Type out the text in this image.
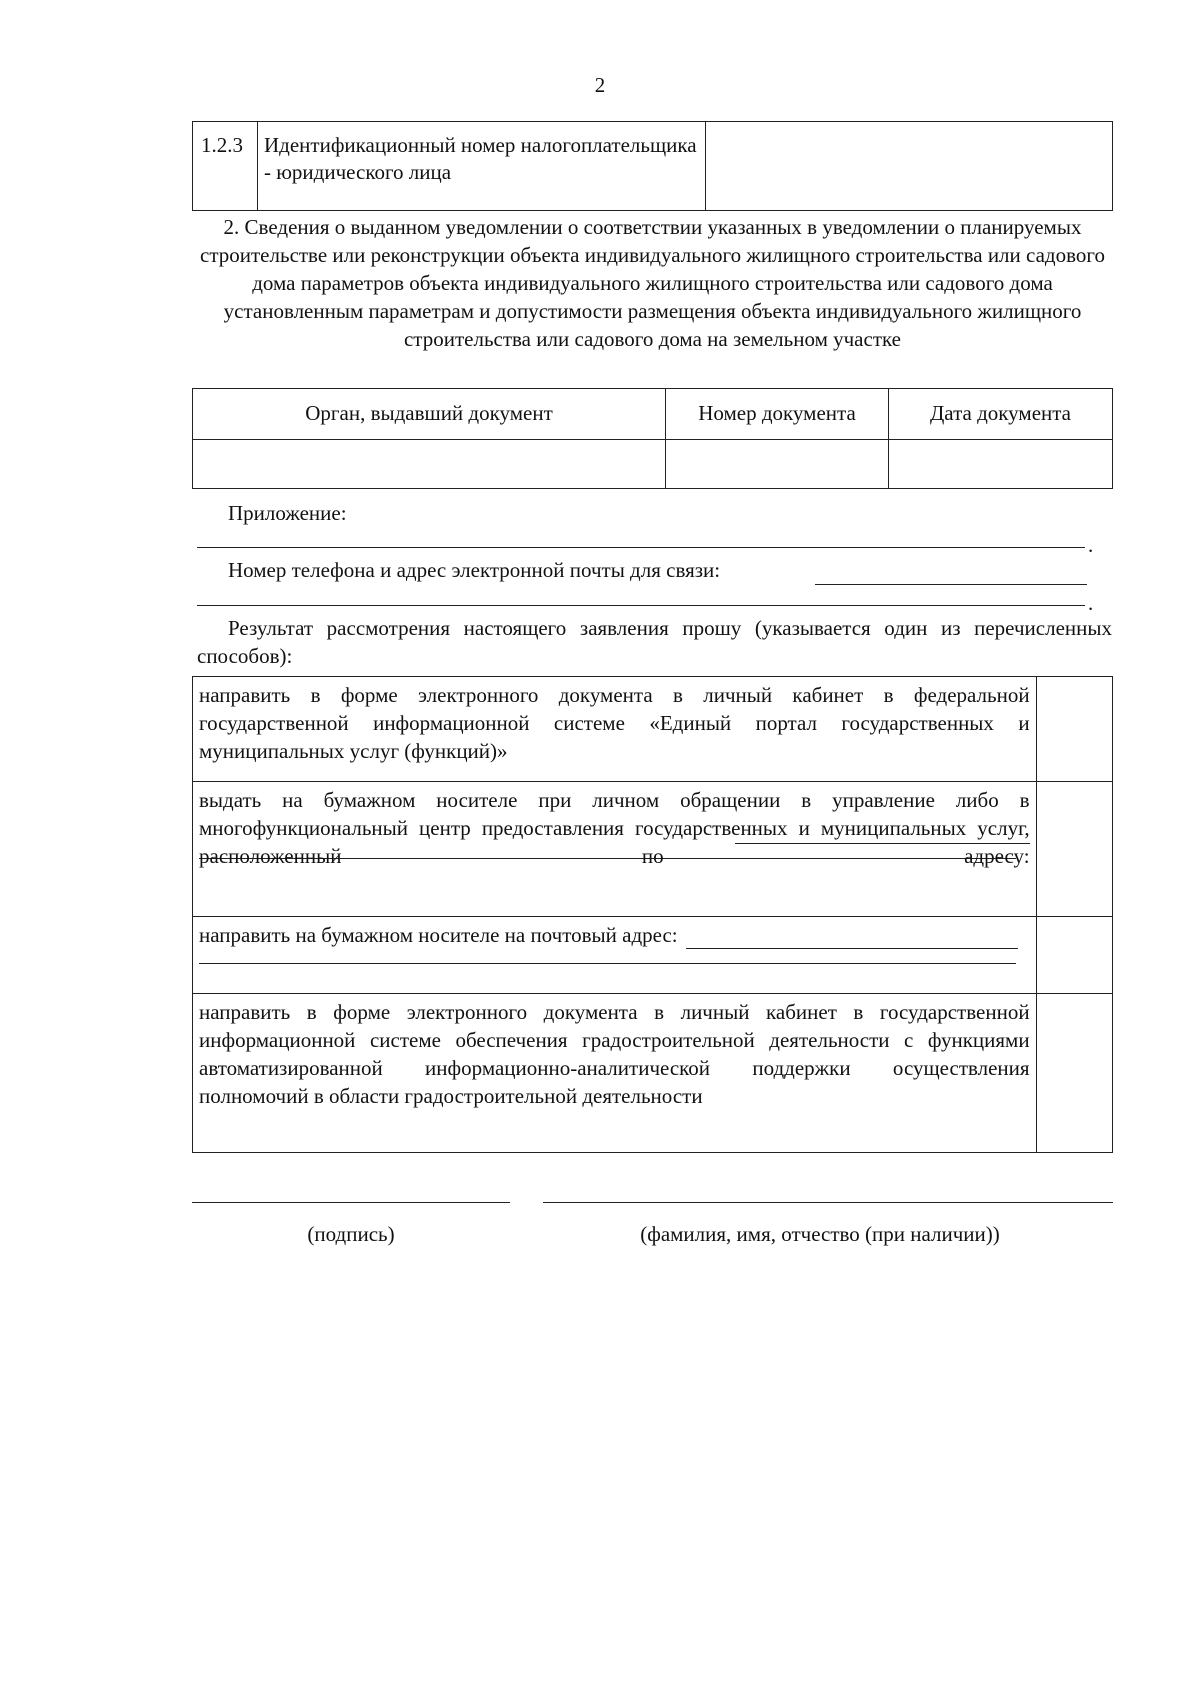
2
1.2.3	Идентификационный номер налогоплательщика - юридического лица	
2. Сведения о выданном уведомлении о соответствии указанных в уведомлении о планируемых строительстве или реконструкции объекта индивидуального жилищного строительства или садового дома параметров объекта индивидуального жилищного строительства или садового дома установленным параметрам и допустимости размещения объекта индивидуального жилищного строительства или садового дома на земельном участке
Орган, выдавший документ	Номер документа	Дата документа

Приложение:
.
Номер телефона и адрес электронной почты для связи:
.
Результат рассмотрения настоящего заявления прошу (указывается один из перечисленных способов):
направить в форме электронного документа в личный кабинет в федеральной государственной информационной системе «Единый портал государственных и муниципальных услуг (функций)»	

выдать на бумажном носителе при личном обращении в управление либо в многофункциональный центр предоставления государственных и муниципальных услуг, расположенный по адресу:	

направить на бумажном носителе на почтовый адрес:	

направить в форме электронного документа в личный кабинет в государственной информационной системе обеспечения градостроительной деятельности с функциями автоматизированной информационно-аналитической поддержки осуществления полномочий в области градостроительной деятельности	
(подпись)	(фамилия, имя, отчество (при наличии))
